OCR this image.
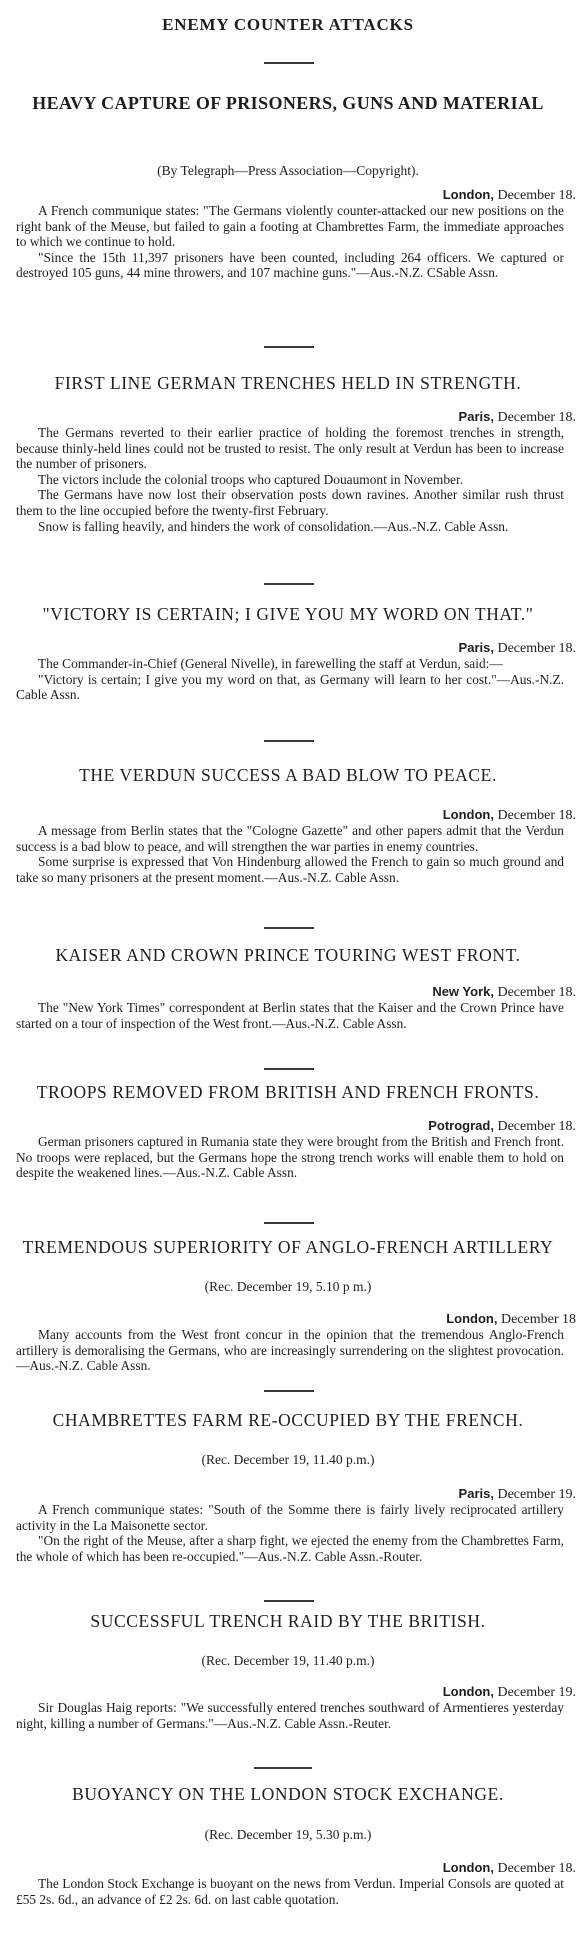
ENEMY COUNTER ATTACKS
HEAVY CAPTURE OF PRISONERS, GUNS AND MATERIAL
(By Telegraph—Press Association—Copyright).
London, December 18.

A French communique states: "The Germans violently counter-attacked our new positions on the right bank of the Meuse, but failed to gain a footing at Chambrettes Farm, the immediate approaches to which we continue to hold.

"Since the 15th 11,397 prisoners have been counted, including 264 officers. We captured or destroyed 105 guns, 44 mine throwers, and 107 machine guns."—Aus.-N.Z. CSable Assn.

FIRST LINE GERMAN TRENCHES HELD IN STRENGTH.
Paris, December 18.

The Germans reverted to their earlier practice of holding the foremost trenches in strength, because thinly-held lines could not be trusted to resist. The only result at Verdun has been to increase the number of prisoners.

The victors include the colonial troops who captured Douaumont in November.

The Germans have now lost their observation posts down ravines. Another similar rush thrust them to the line occupied before the twenty-first February.

Snow is falling heavily, and hinders the work of consolidation.—Aus.-N.Z. Cable Assn.

"VICTORY IS CERTAIN; I GIVE YOU MY WORD ON THAT."
Paris, December 18.

The Commander-in-Chief (General Nivelle), in farewelling the staff at Verdun, said:—

"Victory is certain; I give you my word on that, as Germany will learn to her cost."—Aus.-N.Z. Cable Assn.

THE VERDUN SUCCESS A BAD BLOW TO PEACE.
London, December 18.

A message from Berlin states that the "Cologne Gazette" and other papers admit that the Verdun success is a bad blow to peace, and will strengthen the war parties in enemy countries.

Some surprise is expressed that Von Hindenburg allowed the French to gain so much ground and take so many prisoners at the present moment.—Aus.-N.Z. Cable Assn.

KAISER AND CROWN PRINCE TOURING WEST FRONT.
New York, December 18.

The "New York Times" correspondent at Berlin states that the Kaiser and the Crown Prince have started on a tour of inspection of the West front.—Aus.-N.Z. Cable Assn.

TROOPS REMOVED FROM BRITISH AND FRENCH FRONTS.
Potrograd, December 18.

German prisoners captured in Rumania state they were brought from the British and French front. No troops were replaced, but the Germans hope the strong trench works will enable them to hold on despite the weakened lines.—Aus.-N.Z. Cable Assn.

TREMENDOUS SUPERIORITY OF ANGLO-FRENCH ARTILLERY
(Rec. December 19, 5.10 p m.)
London, December 18

Many accounts from the West front concur in the opinion that the tremendous Anglo-French artillery is demoralising the Germans, who are increasingly surrendering on the slightest provocation.—Aus.-N.Z. Cable Assn.

CHAMBRETTES FARM RE-OCCUPIED BY THE FRENCH.
(Rec. December 19, 11.40 p.m.)
Paris, December 19.

A French communique states: "South of the Somme there is fairly lively reciprocated artillery activity in the La Maisonette sector.

"On the right of the Meuse, after a sharp fight, we ejected the enemy from the Chambrettes Farm, the whole of which has been re-occupied."—Aus.-N.Z. Cable Assn.-Router.

SUCCESSFUL TRENCH RAID BY THE BRITISH.
(Rec. December 19, 11.40 p.m.)
London, December 19.

Sir Douglas Haig reports: "We successfully entered trenches southward of Armentieres yesterday night, killing a number of Germans."—Aus.-N.Z. Cable Assn.-Reuter.

BUOYANCY ON THE LONDON STOCK EXCHANGE.
(Rec. December 19, 5.30 p.m.)
London, December 18.

The London Stock Exchange is buoyant on the news from Verdun. Imperial Consols are quoted at £55 2s. 6d., an advance of £2 2s. 6d. on last cable quotation.
